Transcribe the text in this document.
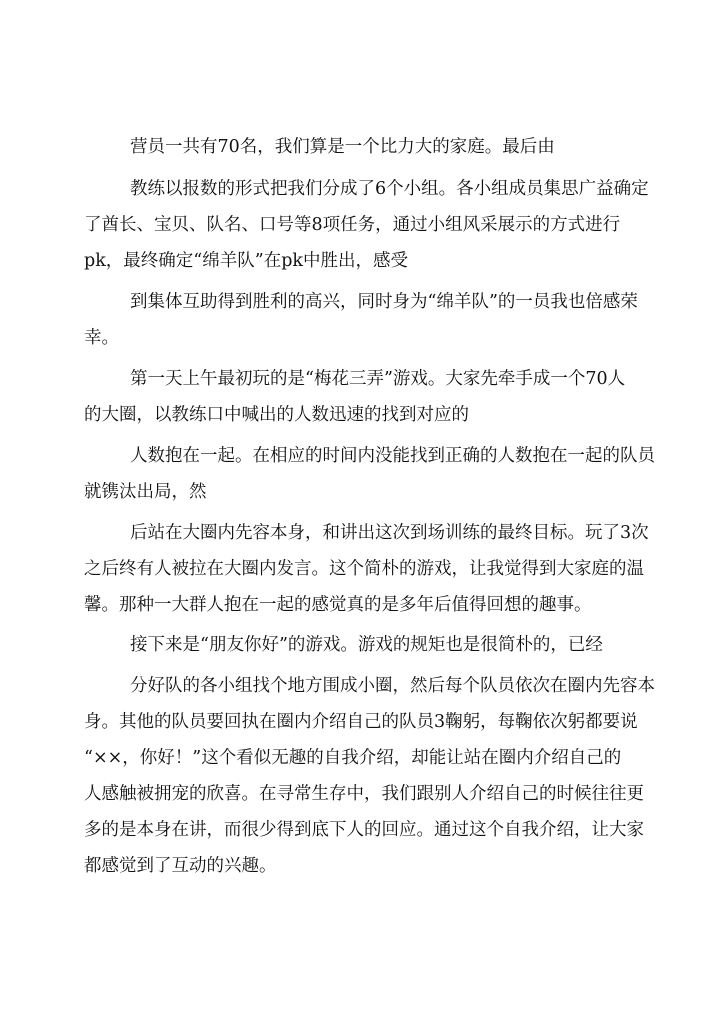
营员一共有70名，我们算是一个比力大的家庭。最后由
教练以报数的形式把我们分成了6个小组。各小组成员集思广益确定
了酋长、宝贝、队名、口号等8项任务，通过小组风采展示的方式进行
pk，最终确定“绵羊队”在pk中胜出，感受
到集体互助得到胜利的高兴，同时身为“绵羊队”的一员我也倍感荣
幸。
第一天上午最初玩的是“梅花三弄”游戏。大家先牵手成一个70人
的大圈，以教练口中喊出的人数迅速的找到对应的
人数抱在一起。在相应的时间内没能找到正确的人数抱在一起的队员
就镌汰出局，然
后站在大圈内先容本身，和讲出这次到场训练的最终目标。玩了3次
之后终有人被拉在大圈内发言。这个简朴的游戏，让我觉得到大家庭的温
馨。那种一大群人抱在一起的感觉真的是多年后值得回想的趣事。
接下来是“朋友你好”的游戏。游戏的规矩也是很简朴的，已经
分好队的各小组找个地方围成小圈，然后每个队员依次在圈内先容本
身。其他的队员要回执在圈内介绍自己的队员3鞠躬，每鞠依次躬都要说
“××，你好！”这个看似无趣的自我介绍，却能让站在圈内介绍自己的
人感触被拥宠的欣喜。在寻常生存中，我们跟别人介绍自己的时候往往更
多的是本身在讲，而很少得到底下人的回应。通过这个自我介绍，让大家
都感觉到了互动的兴趣。
